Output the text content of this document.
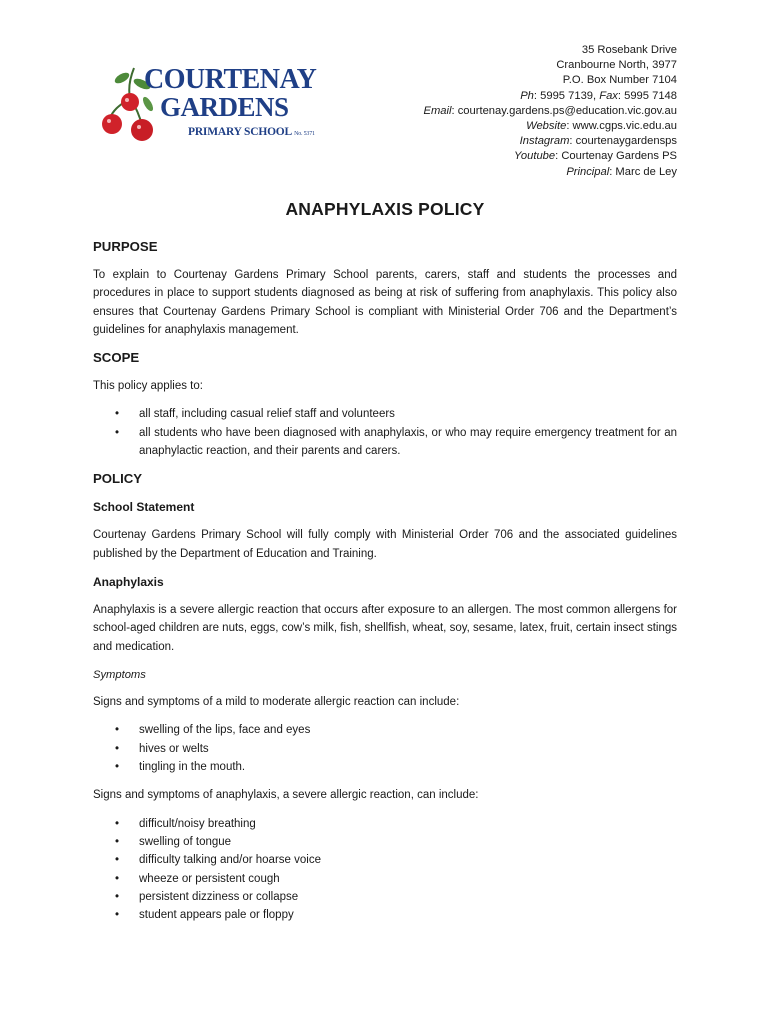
COURTENAY
GARDENS
PRIMARY SCHOOL No. 5371
35 Rosebank Drive
Cranbourne North, 3977
P.O. Box Number 7104
Ph: 5995 7139, Fax: 5995 7148
Email: courtenay.gardens.ps@education.vic.gov.au
Website: www.cgps.vic.edu.au
Instagram: courtenaygardensps
Youtube: Courtenay Gardens PS
Principal: Marc de Ley
ANAPHYLAXIS POLICY
PURPOSE

To explain to Courtenay Gardens Primary School parents, carers, staff and students the processes and procedures in place to support students diagnosed as being at risk of suffering from anaphylaxis. This policy also ensures that Courtenay Gardens Primary School is compliant with Ministerial Order 706 and the Department’s guidelines for anaphylaxis management.

SCOPE

This policy applies to:

• all staff, including casual relief staff and volunteers
• all students who have been diagnosed with anaphylaxis, or who may require emergency treatment for an anaphylactic reaction, and their parents and carers.
POLICY
School Statement

Courtenay Gardens Primary School will fully comply with Ministerial Order 706 and the associated guidelines published by the Department of Education and Training.

Anaphylaxis

Anaphylaxis is a severe allergic reaction that occurs after exposure to an allergen. The most common allergens for school-aged children are nuts, eggs, cow’s milk, fish, shellfish, wheat, soy, sesame, latex, fruit, certain insect stings and medication.

Symptoms

Signs and symptoms of a mild to moderate allergic reaction can include:

• swelling of the lips, face and eyes
• hives or welts
• tingling in the mouth.

Signs and symptoms of anaphylaxis, a severe allergic reaction, can include:

• difficult/noisy breathing
• swelling of tongue
• difficulty talking and/or hoarse voice
• wheeze or persistent cough
• persistent dizziness or collapse
• student appears pale or floppy
